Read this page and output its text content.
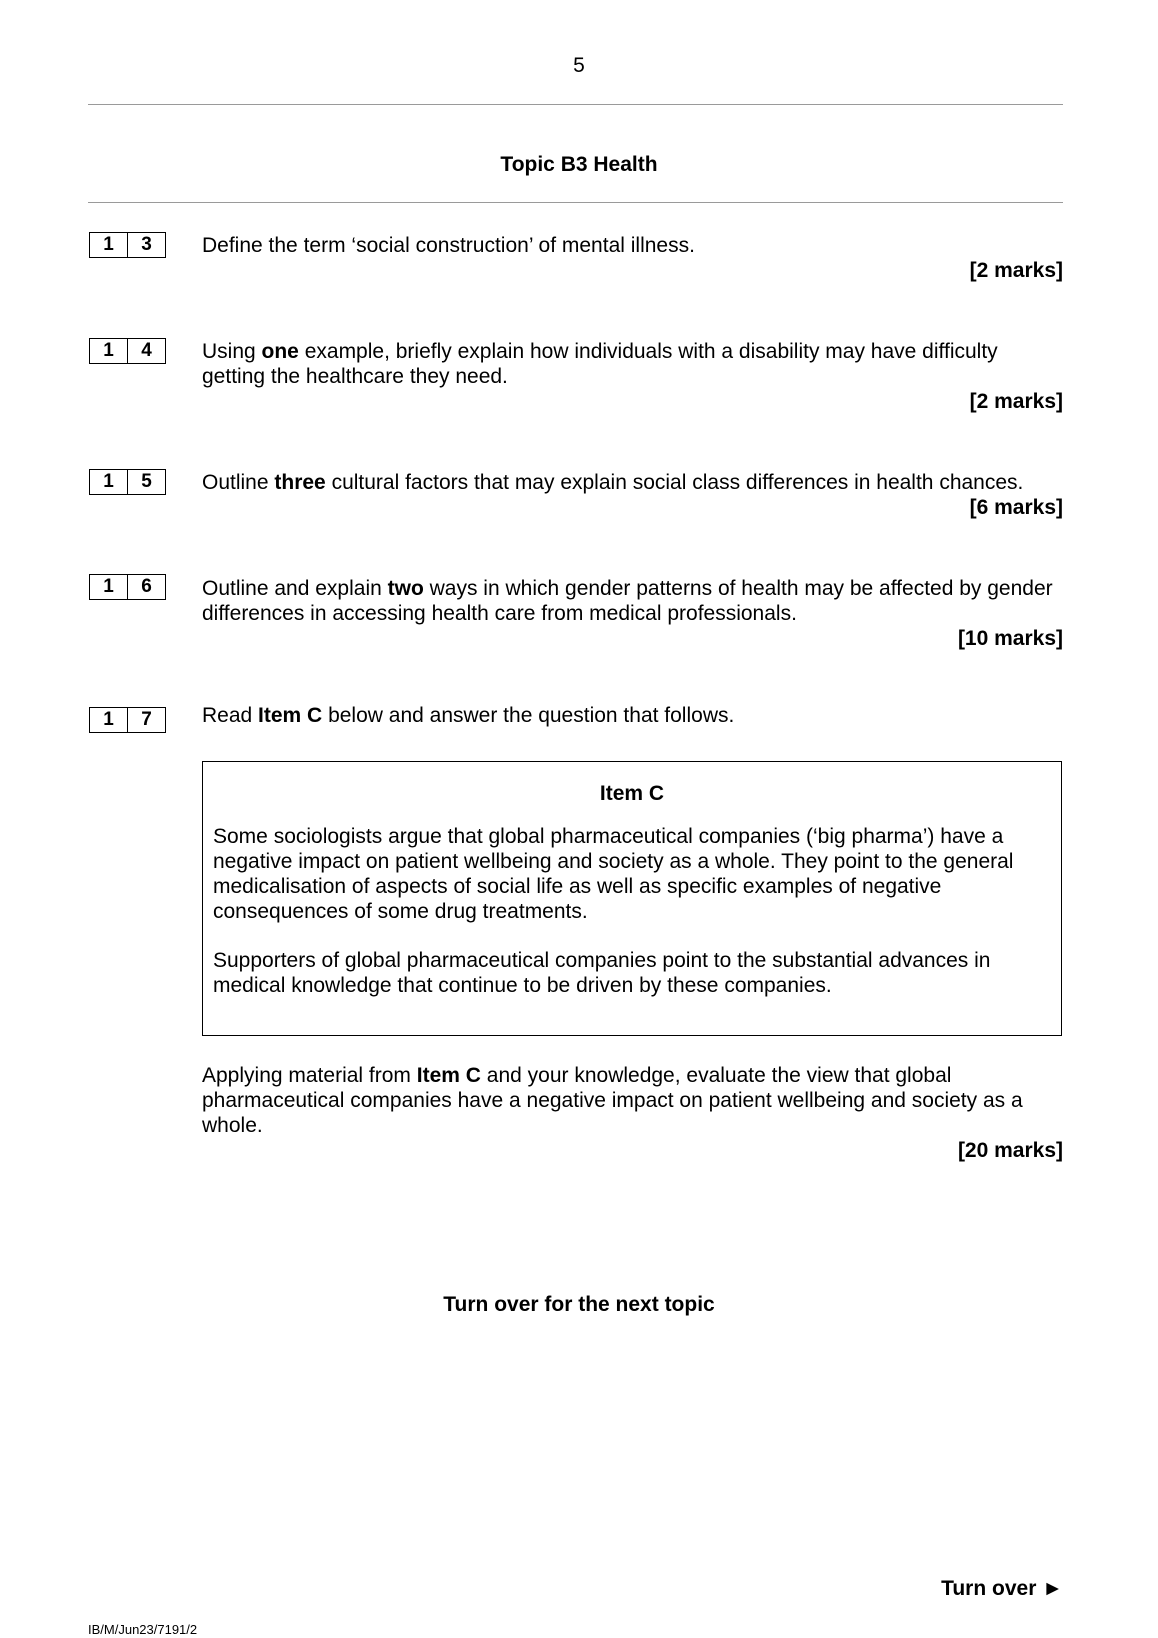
5
Topic B3 Health
1	3	Define the term ‘social construction’ of mental illness.
[2 marks]
1	4	Using one example, briefly explain how individuals with a disability may have difficulty getting the healthcare they need.
[2 marks]
1	5	Outline three cultural factors that may explain social class differences in health chances.
[6 marks]
1	6	Outline and explain two ways in which gender patterns of health may be affected by gender differences in accessing health care from medical professionals.
[10 marks]
1	7	Read Item C below and answer the question that follows.
Item C
Some sociologists argue that global pharmaceutical companies (‘big pharma’) have a negative impact on patient wellbeing and society as a whole. They point to the general medicalisation of aspects of social life as well as specific examples of negative consequences of some drug treatments.
Supporters of global pharmaceutical companies point to the substantial advances in medical knowledge that continue to be driven by these companies.
Applying material from Item C and your knowledge, evaluate the view that global pharmaceutical companies have a negative impact on patient wellbeing and society as a whole.
[20 marks]
Turn over for the next topic
Turn over ►
IB/M/Jun23/7191/2
